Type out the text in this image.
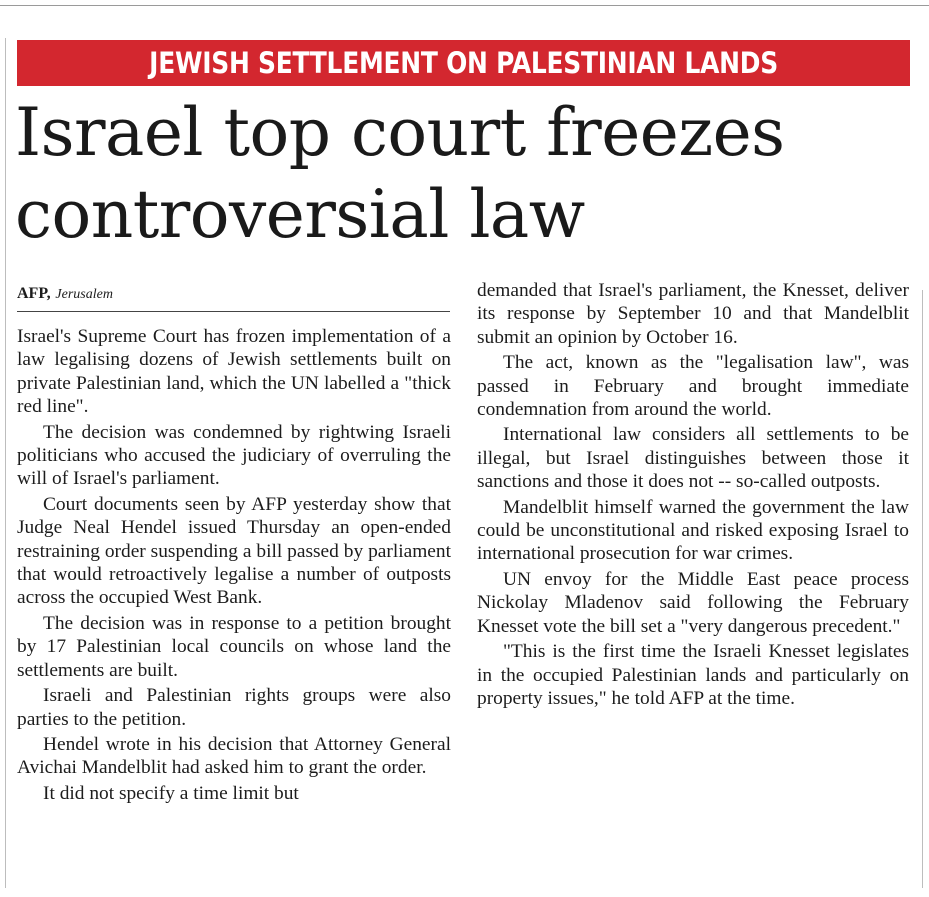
JEWISH SETTLEMENT ON PALESTINIAN LANDS
Israel top court freezes
controversial law
AFP, Jerusalem

Israel's Supreme Court has frozen implementation of a law legalising dozens of Jewish settlements built on private Palestinian land, which the UN labelled a "thick red line".

The decision was condemned by rightwing Israeli politicians who accused the judiciary of overruling the will of Israel's parliament.

Court documents seen by AFP yesterday show that Judge Neal Hendel issued Thursday an open-ended restraining order suspending a bill passed by parliament that would retroactively legalise a number of outposts across the occupied West Bank.

The decision was in response to a petition brought by 17 Palestinian local councils on whose land the settlements are built.

Israeli and Palestinian rights groups were also parties to the petition.

Hendel wrote in his decision that Attorney General Avichai Mandelblit had asked him to grant the order.

It did not specify a time limit but

demanded that Israel's parliament, the Knesset, deliver its response by September 10 and that Mandelblit submit an opinion by October 16.

The act, known as the "legalisation law", was passed in February and brought immediate condemnation from around the world.

International law considers all settlements to be illegal, but Israel distinguishes between those it sanctions and those it does not -- so-called outposts.

Mandelblit himself warned the government the law could be unconstitutional and risked exposing Israel to international prosecution for war crimes.

UN envoy for the Middle East peace process Nickolay Mladenov said following the February Knesset vote the bill set a "very dangerous precedent."

"This is the first time the Israeli Knesset legislates in the occupied Palestinian lands and particularly on property issues," he told AFP at the time.
